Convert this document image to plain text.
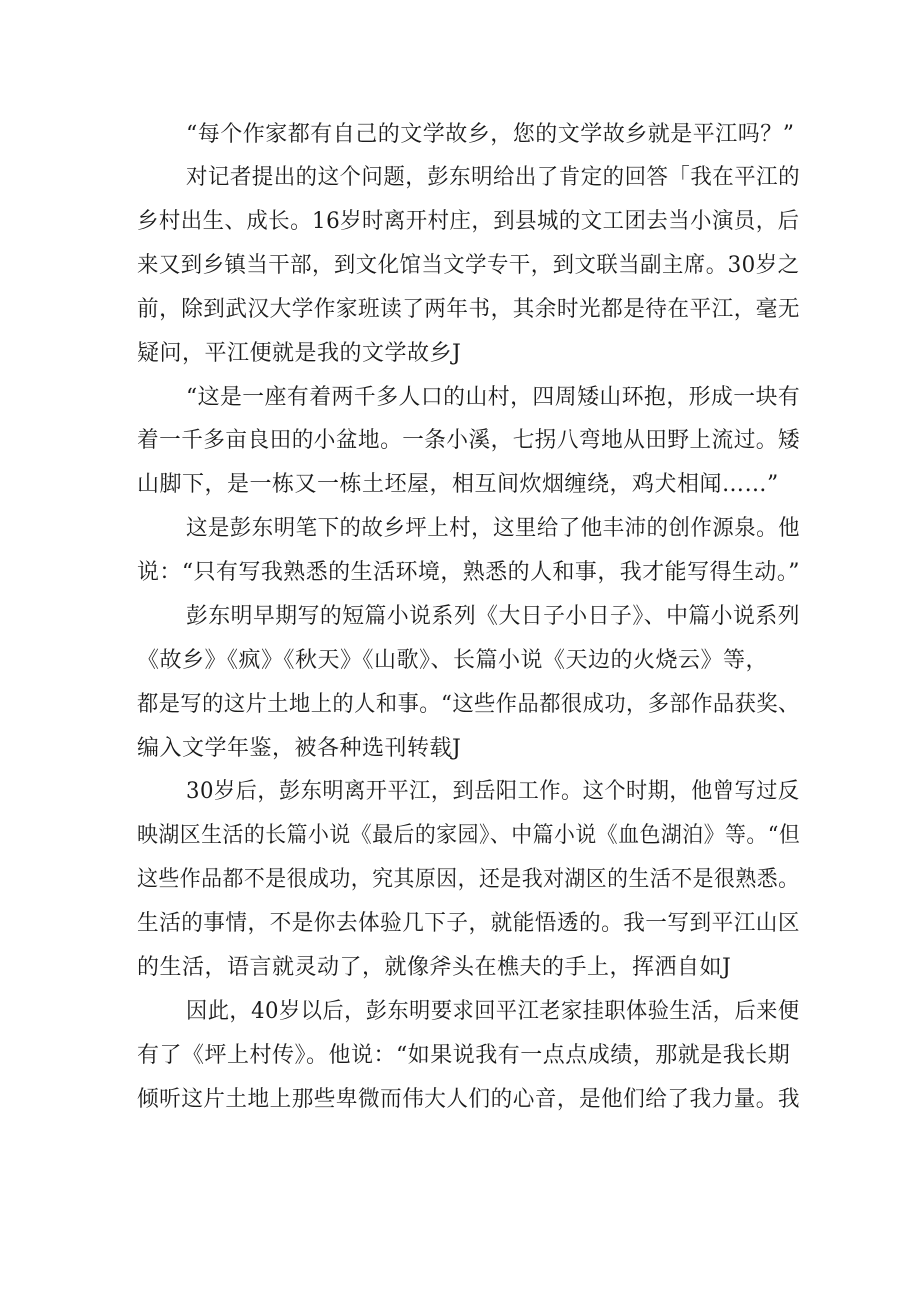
“每个作家都有自己的文学故乡，您的文学故乡就是平江吗？”
对记者提出的这个问题，彭东明给出了肯定的回答「我在平江的
乡村出生、成长。16岁时离开村庄，到县城的文工团去当小演员，后
来又到乡镇当干部，到文化馆当文学专干，到文联当副主席。30岁之
前，除到武汉大学作家班读了两年书，其余时光都是待在平江，毫无
疑问，平江便就是我的文学故乡J
“这是一座有着两千多人口的山村，四周矮山环抱，形成一块有
着一千多亩良田的小盆地。一条小溪，七拐八弯地从田野上流过。矮
山脚下，是一栋又一栋土坯屋，相互间炊烟缠绕，鸡犬相闻……”
这是彭东明笔下的故乡坪上村，这里给了他丰沛的创作源泉。他
说：“只有写我熟悉的生活环境，熟悉的人和事，我才能写得生动。”
彭东明早期写的短篇小说系列《大日子小日子》、中篇小说系列
《故乡》《疯》《秋天》《山歌》、长篇小说《天边的火烧云》等，
都是写的这片土地上的人和事。“这些作品都很成功，多部作品获奖、
编入文学年鉴，被各种选刊转载J
30岁后，彭东明离开平江，到岳阳工作。这个时期，他曾写过反
映湖区生活的长篇小说《最后的家园》、中篇小说《血色湖泊》等。“但
这些作品都不是很成功，究其原因，还是我对湖区的生活不是很熟悉。
生活的事情，不是你去体验几下子，就能悟透的。我一写到平江山区
的生活，语言就灵动了，就像斧头在樵夫的手上，挥洒自如J
因此，40岁以后，彭东明要求回平江老家挂职体验生活，后来便
有了《坪上村传》。他说：“如果说我有一点点成绩，那就是我长期
倾听这片土地上那些卑微而伟大人们的心音，是他们给了我力量。我
